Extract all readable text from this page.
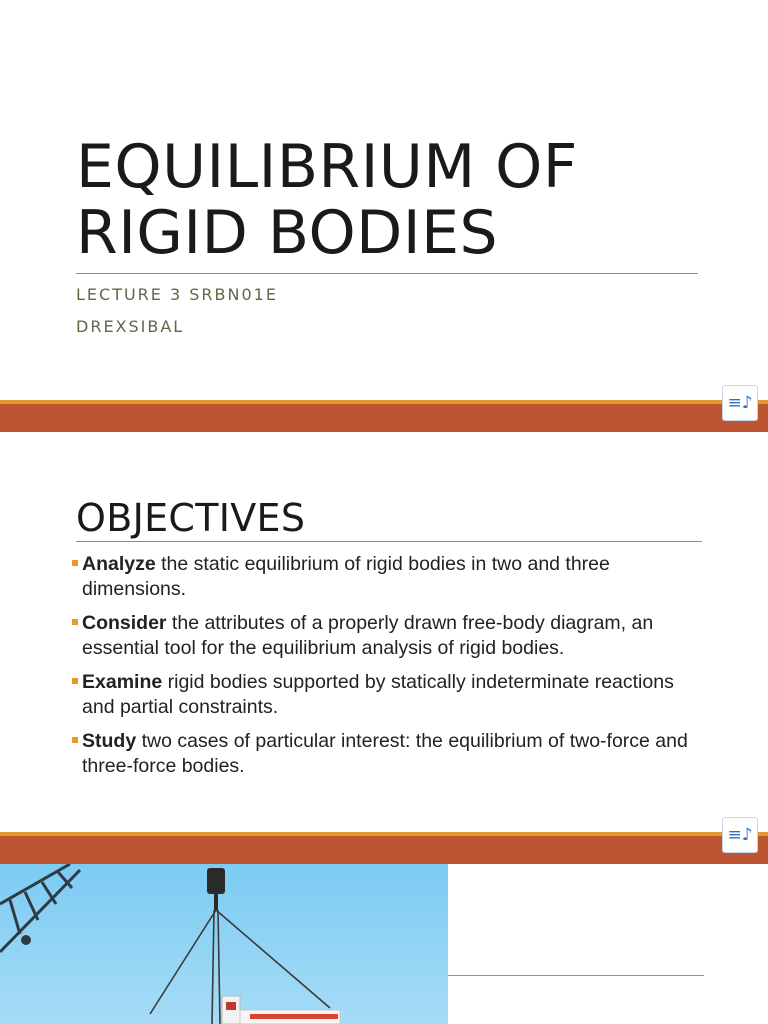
EQUILIBRIUM OF
RIGID BODIES
LECTURE 3 SRBN01E
DREXSIBAL
≡♪
OBJECTIVES
Analyze the static equilibrium of rigid bodies in two and three dimensions.
Consider the attributes of a properly drawn free-body diagram, an essential tool for the equilibrium analysis of rigid bodies.
Examine rigid bodies supported by statically indeterminate reactions and partial constraints.
Study two cases of particular interest: the equilibrium of two-force and three-force bodies.
≡♪
